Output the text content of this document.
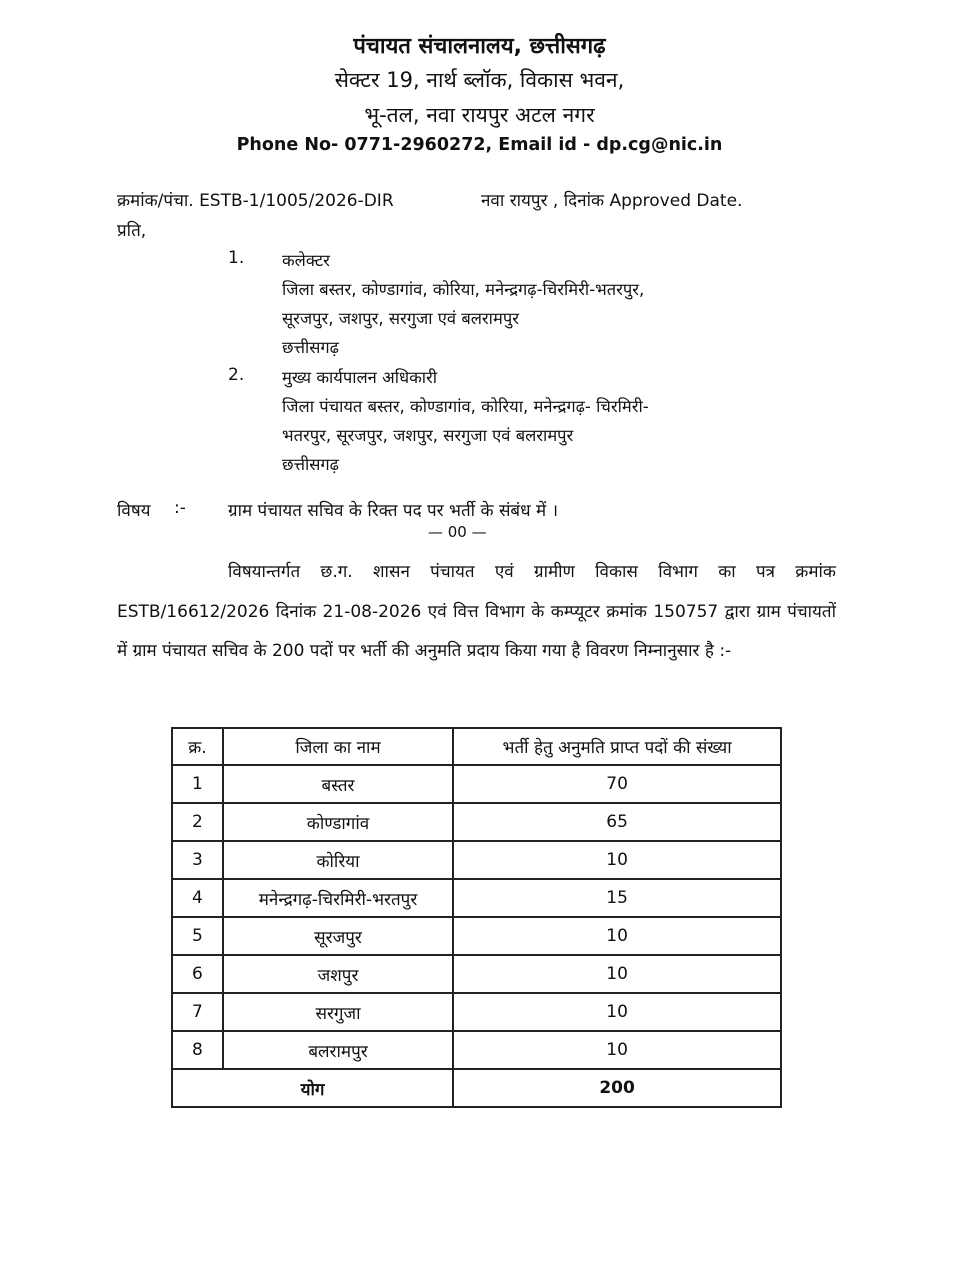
पंचायत संचालनालय, छत्तीसगढ़
सेक्टर 19, नार्थ ब्लॉक, विकास भवन,
भू-तल, नवा रायपुर अटल नगर
Phone No- 0771-2960272, Email id - dp.cg@nic.in
क्रमांक/पंचा. ESTB-1/1005/2026-DIR	नवा रायपुर , दिनांक Approved Date.
प्रति,
1. कलेक्टर
जिला बस्तर, कोण्डागांव, कोरिया, मनेन्द्रगढ़-चिरमिरी-भतरपुर,
सूरजपुर, जशपुर, सरगुजा एवं बलरामपुर
छत्तीसगढ़
2. मुख्य कार्यपालन अधिकारी
जिला पंचायत बस्तर, कोण्डागांव, कोरिया, मनेन्द्रगढ़- चिरमिरी-
भतरपुर, सूरजपुर, जशपुर, सरगुजा एवं बलरामपुर
छत्तीसगढ़
विषय :- ग्राम पंचायत सचिव के रिक्त पद पर भर्ती के संबंध में ।
— 00 —
विषयान्तर्गत छ.ग. शासन पंचायत एवं ग्रामीण विकास विभाग का पत्र क्रमांक ESTB/16612/2026 दिनांक 21-08-2026 एवं वित्त विभाग के कम्प्यूटर क्रमांक 150757 द्वारा ग्राम पंचायतों में ग्राम पंचायत सचिव के 200 पदों पर भर्ती की अनुमति प्रदाय किया गया है विवरण निम्नानुसार है :-
क्र.	जिला का नाम	भर्ती हेतु अनुमति प्राप्त पदों की संख्या
1	बस्तर	70
2	कोण्डागांव	65
3	कोरिया	10
4	मनेन्द्रगढ़-चिरमिरी-भरतपुर	15
5	सूरजपुर	10
6	जशपुर	10
7	सरगुजा	10
8	बलरामपुर	10
योग		200
